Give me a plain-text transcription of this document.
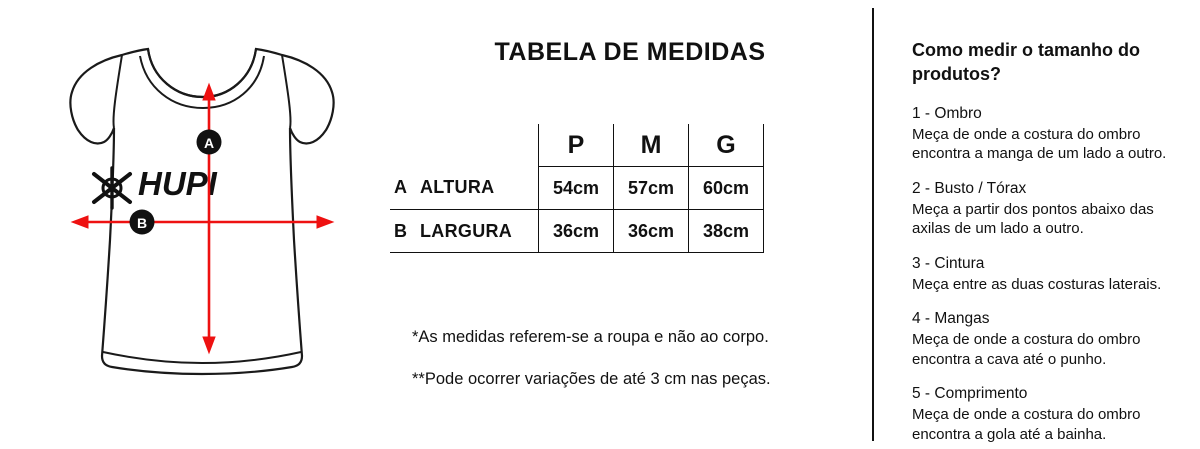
HUPI
A
B
TABELA DE MEDIDAS
	P	M	G
A ALTURA	54cm	57cm	60cm
B LARGURA	36cm	36cm	38cm

*As medidas referem-se a roupa e não ao corpo.

**Pode ocorrer variações de até 3 cm nas peças.

Como medir o tamanho do produtos?

1 - Ombro

Meça de onde a costura do ombro encontra a manga de um lado a outro.

2 - Busto / Tórax

Meça a partir dos pontos abaixo das axilas de um lado a outro.

3 - Cintura

Meça entre as duas costuras laterais.

4 - Mangas

Meça de onde a costura do ombro encontra a cava até o punho.

5 - Comprimento

Meça de onde a costura do ombro encontra a gola até a bainha.
